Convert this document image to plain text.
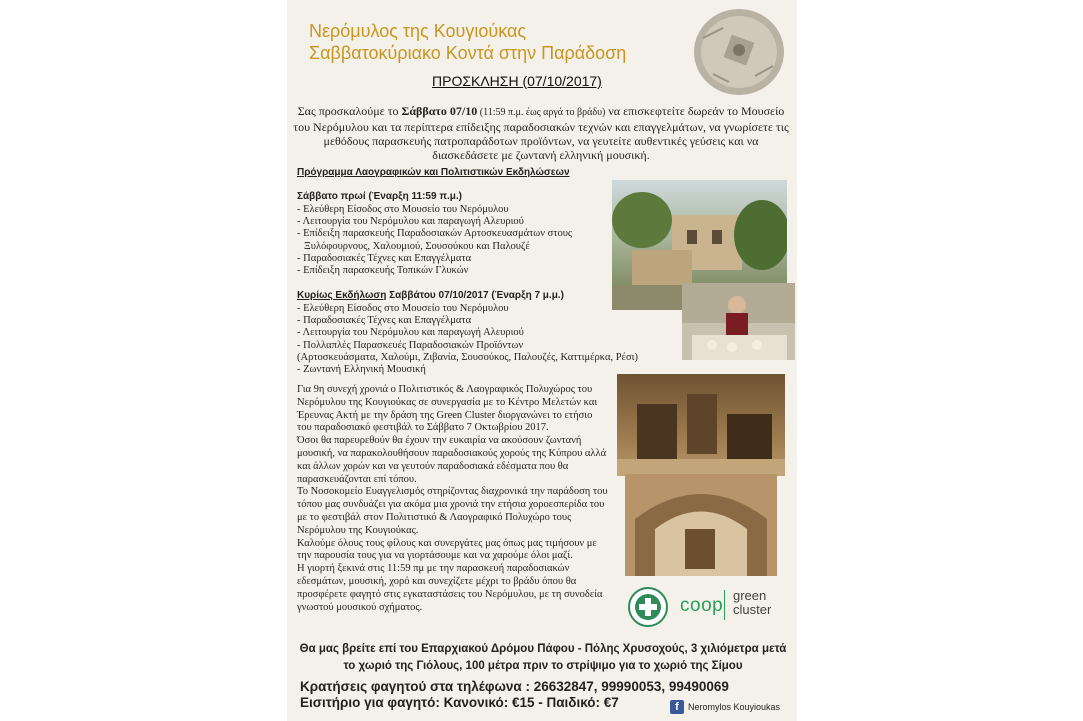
Νερόμυλος της Κουγιούκας
Σαββατοκύριακο Κοντά στην Παράδοση
ΠΡΟΣΚΛΗΣΗ (07/10/2017)
Σας προσκαλούμε το Σάββατο 07/10 (11:59 π.μ. έως αργά το βράδυ) να επισκεφτείτε δωρεάν το Μουσείο του Νερόμυλου και τα περίπτερα επίδειξης παραδοσιακών τεχνών και επαγγελμάτων, να γνωρίσετε τις μεθόδους παρασκευής πατροπαράδοτων προϊόντων, να γευτείτε αυθεντικές γεύσεις και να διασκεδάσετε με ζωντανή ελληνική μουσική.
Πρόγραμμα Λαογραφικών και Πολιτιστικών Εκδηλώσεων
Σάββατο πρωί (Έναρξη 11:59 π.μ.)
- Ελεύθερη Είσοδος στο Μουσείο του Νερόμυλου
- Λειτουργία του Νερόμυλου και παραγωγή Αλευριού
- Επίδειξη παρασκευής Παραδοσιακών Αρτοσκευασμάτων στους
Ξυλόφουρνους, Χαλουμιού, Σουσούκου και Παλουζέ
- Παραδοσιακές Τέχνες και Επαγγέλματα
- Επίδειξη παρασκευής Τοπικών Γλυκών
Κυρίως Εκδήλωση Σαββάτου 07/10/2017 (Έναρξη 7 μ.μ.)
- Ελεύθερη Είσοδος στο Μουσείο του Νερόμυλου
- Παραδοσιακές Τέχνες και Επαγγέλματα
- Λειτουργία του Νερόμυλου και παραγωγή Αλευριού
- Πολλαπλές Παρασκευές Παραδοσιακών Προϊόντων
(Αρτοσκευάσματα, Χαλούμι, Ζιβανία, Σουσούκος, Παλουζές, Καττιμέρκα, Ρέσι)
- Ζωντανή Ελληνική Μουσική

Για 9η συνεχή χρονιά ο Πολιτιστικός & Λαογραφικός Πολυχώρος του Νερόμυλου της Κουγιούκας σε συνεργασία με το Κέντρο Μελετών και Έρευνας Ακτή με την δράση της Green Cluster διοργανώνει το ετήσιο του παραδοσιακό φεστιβάλ το Σάββατο 7 Οκτωβρίου 2017.

Όσοι θα παρευρεθούν θα έχουν την ευκαιρία να ακούσουν ζωντανή μουσική, να παρακολουθήσουν παραδοσιακούς χορούς της Κύπρου αλλά και άλλων χορών και να γευτούν παραδοσιακά εδέσματα που θα παρασκευάζονται επί τόπου.

Το Νοσοκομείο Ευαγγελισμός στηρίζοντας διαχρονικά την παράδοση του τόπου μας συνδυάζει για ακόμα μια χρονιά την ετήσια χοροεσπερίδα του με το φεστιβάλ στον Πολιτιστικό & Λαογραφικό Πολυχώρο τους Νερόμυλου της Κουγιούκας.

Καλούμε όλους τους φίλους και συνεργάτες μας όπως μας τιμήσουν με την παρουσία τους για να γιορτάσουμε και να χαρούμε όλοι μαζί.

Η γιορτή ξεκινά στις 11:59 πμ με την παρασκευή παραδοσιακών εδεσμάτων, μουσική, χορό και συνεχίζετε μέχρι το βράδυ όπου θα προσφέρετε φαγητό στις εγκαταστάσεις του Νερόμυλου, με τη συνοδεία γνωστού μουσικού σχήματος.	coop green cluster
Θα μας βρείτε επί του Επαρχιακού Δρόμου Πάφου - Πόλης Χρυσοχούς, 3 χιλιόμετρα μετά το χωριό της Γιόλους, 100 μέτρα πριν το στρίψιμο για το χωριό της Σίμου
Κρατήσεις φαγητού στα τηλέφωνα : 26632847, 99990053, 99490069
Εισιτήριο για φαγητό: Κανονικό: €15 - Παιδικό: €7	f	Neromylos Kouyioukas
